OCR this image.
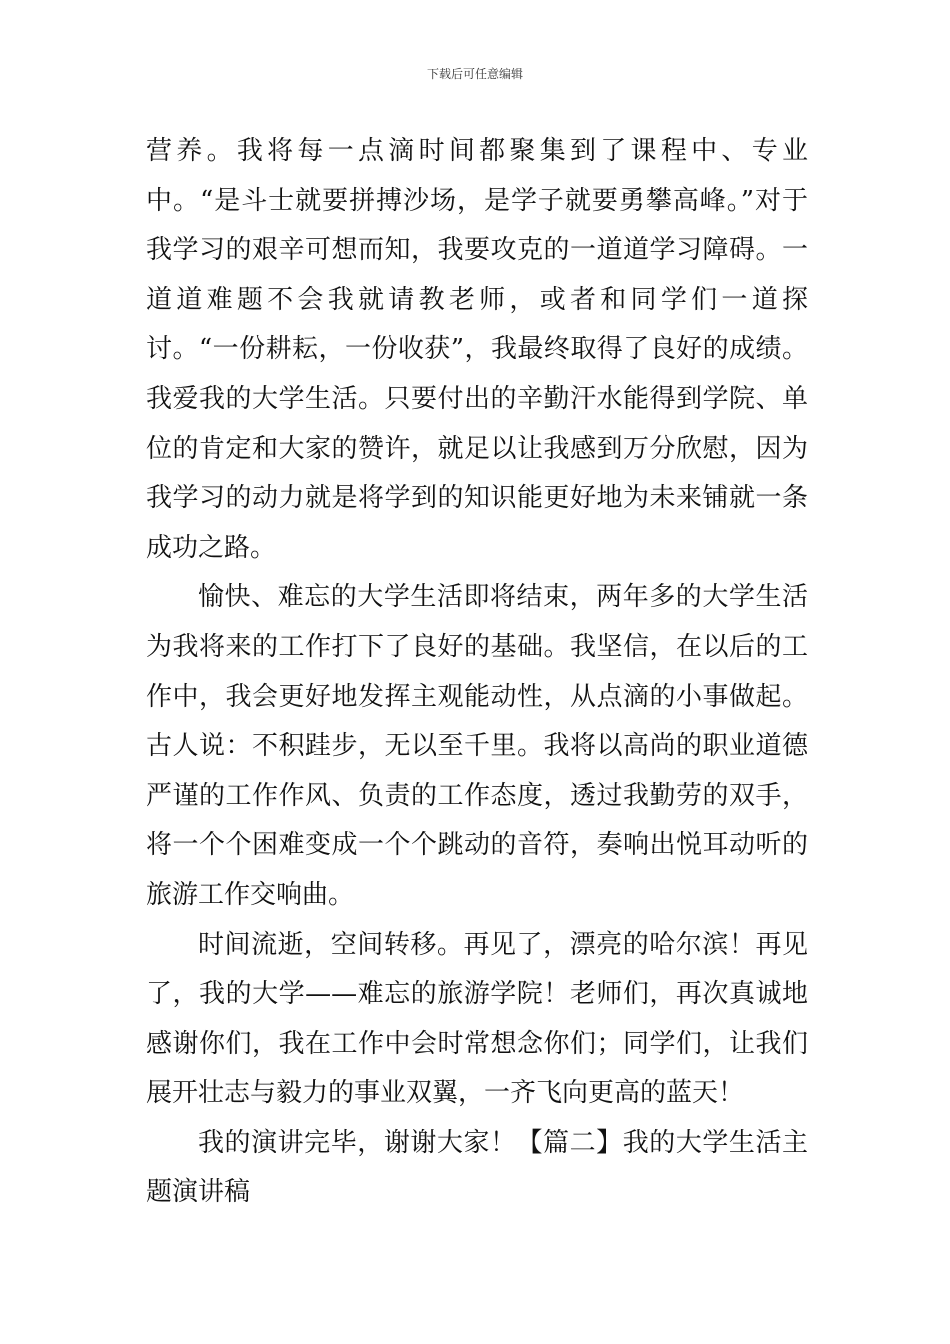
下载后可任意编辑

营养。我将每一点滴时间都聚集到了课程中、专业中。“是斗士就要拼搏沙场，是学子就要勇攀高峰。”对于我学习的艰辛可想而知，我要攻克的一道道学习障碍。一道道难题不会我就请教老师，或者和同学们一道探讨。“一份耕耘，一份收获”，我最终取得了良好的成绩。我爱我的大学生活。只要付出的辛勤汗水能得到学院、单位的肯定和大家的赞许，就足以让我感到万分欣慰，因为我学习的动力就是将学到的知识能更好地为未来铺就一条成功之路。

愉快、难忘的大学生活即将结束，两年多的大学生活为我将来的工作打下了良好的基础。我坚信，在以后的工作中，我会更好地发挥主观能动性，从点滴的小事做起。古人说：不积跬步，无以至千里。我将以高尚的职业道德严谨的工作作风、负责的工作态度，透过我勤劳的双手，将一个个困难变成一个个跳动的音符，奏响出悦耳动听的旅游工作交响曲。

时间流逝，空间转移。再见了，漂亮的哈尔滨！再见了，我的大学——难忘的旅游学院！老师们，再次真诚地感谢你们，我在工作中会时常想念你们；同学们，让我们展开壮志与毅力的事业双翼，一齐飞向更高的蓝天！

我的演讲完毕，谢谢大家！【篇二】我的大学生活主题演讲稿
